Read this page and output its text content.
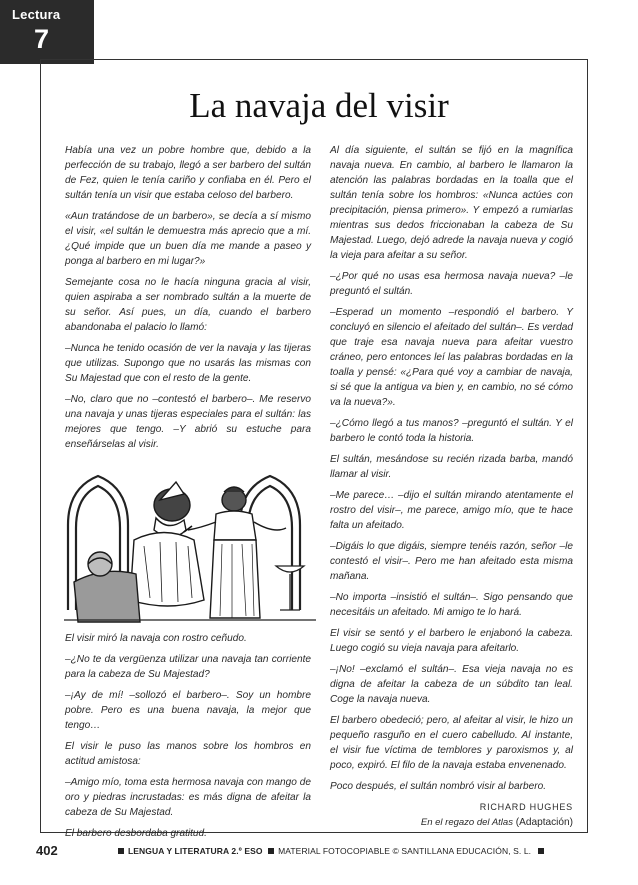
Lectura
7
La navaja del visir

Había una vez un pobre hombre que, debido a la perfección de su trabajo, llegó a ser barbero del sultán de Fez, quien le tenía cariño y confiaba en él. Pero el sultán tenía un visir que estaba celoso del barbero.

«Aun tratándose de un barbero», se decía a sí mismo el visir, «el sultán le demuestra más aprecio que a mí. ¿Qué impide que un buen día me mande a paseo y ponga al barbero en mi lugar?»

Semejante cosa no le hacía ninguna gracia al visir, quien aspiraba a ser nombrado sultán a la muerte de su señor. Así pues, un día, cuando el barbero abandonaba el palacio lo llamó:

–Nunca he tenido ocasión de ver la navaja y las tijeras que utilizas. Supongo que no usarás las mismas con Su Majestad que con el resto de la gente.

–No, claro que no –contestó el barbero–. Me reservo una navaja y unas tijeras especiales para el sultán: las mejores que tengo. –Y abrió su estuche para enseñárselas al visir.

El visir miró la navaja con rostro ceñudo.

–¿No te da vergüenza utilizar una navaja tan corriente para la cabeza de Su Majestad?

–¡Ay de mí! –sollozó el barbero–. Soy un hombre pobre. Pero es una buena navaja, la mejor que tengo…

El visir le puso las manos sobre los hombros en actitud amistosa:

–Amigo mío, toma esta hermosa navaja con mango de oro y piedras incrustadas: es más digna de afeitar la cabeza de Su Majestad.

El barbero desbordaba gratitud.

Al día siguiente, el sultán se fijó en la magnífica navaja nueva. En cambio, al barbero le llamaron la atención las palabras bordadas en la toalla que el sultán tenía sobre los hombros: «Nunca actúes con precipitación, piensa primero». Y empezó a rumiarlas mientras sus dedos friccionaban la cabeza de Su Majestad. Luego, dejó adrede la navaja nueva y cogió la vieja para afeitar a su señor.

–¿Por qué no usas esa hermosa navaja nueva? –le preguntó el sultán.

–Esperad un momento –respondió el barbero. Y concluyó en silencio el afeitado del sultán–. Es verdad que traje esa navaja nueva para afeitar vuestro cráneo, pero entonces leí las palabras bordadas en la toalla y pensé: «¿Para qué voy a cambiar de navaja, si sé que la antigua va bien y, en cambio, no sé cómo va la nueva?».

–¿Cómo llegó a tus manos? –preguntó el sultán. Y el barbero le contó toda la historia.

El sultán, mesándose su recién rizada barba, mandó llamar al visir.

–Me parece… –dijo el sultán mirando atentamente el rostro del visir–, me parece, amigo mío, que te hace falta un afeitado.

–Digáis lo que digáis, siempre tenéis razón, señor –le contestó el visir–. Pero me han afeitado esta misma mañana.

–No importa –insistió el sultán–. Sigo pensando que necesitáis un afeitado. Mi amigo te lo hará.

El visir se sentó y el barbero le enjabonó la cabeza. Luego cogió su vieja navaja para afeitarlo.

–¡No! –exclamó el sultán–. Esa vieja navaja no es digna de afeitar la cabeza de un súbdito tan leal. Coge la navaja nueva.

El barbero obedeció; pero, al afeitar al visir, le hizo un pequeño rasguño en el cuero cabelludo. Al instante, el visir fue víctima de temblores y paroxismos y, al poco, expiró. El filo de la navaja estaba envenenado.

Poco después, el sultán nombró visir al barbero.

RICHARD HUGHES
En el regazo del Atlas (Adaptación)
402	LENGUA Y LITERATURA 2.º ESO MATERIAL FOTOCOPIABLE © SANTILLANA EDUCACIÓN, S. L.
